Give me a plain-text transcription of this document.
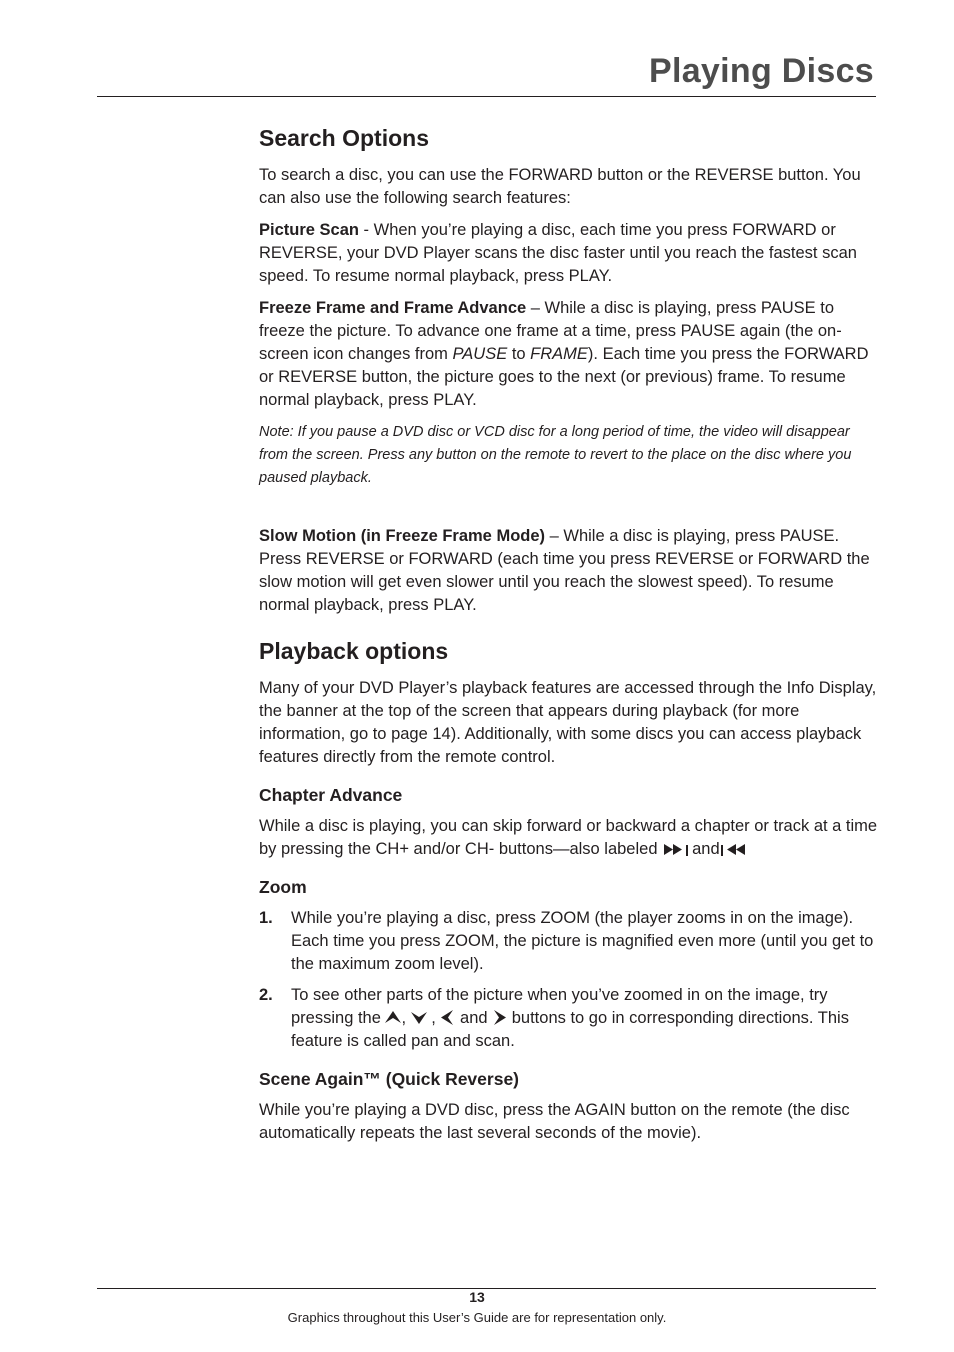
Playing Discs
Search Options

To search a disc, you can use the FORWARD button or the REVERSE button. You can also use the following search features:

Picture Scan - When you’re playing a disc, each time you press FORWARD or REVERSE, your DVD Player scans the disc faster until you reach the fastest scan speed. To resume normal playback, press PLAY.

Freeze Frame and Frame Advance – While a disc is playing, press PAUSE to freeze the picture. To advance one frame at a time, press PAUSE again (the on-screen icon changes from PAUSE to FRAME). Each time you press the FORWARD or REVERSE button, the picture goes to the next (or previous) frame. To resume normal playback, press PLAY.

Note: If you pause a DVD disc or VCD disc for a long period of time, the video will disappear from the screen. Press any button on the remote to revert to the place on the disc where you paused playback.

Slow Motion (in Freeze Frame Mode) – While a disc is playing, press PAUSE. Press REVERSE or FORWARD (each time you press REVERSE or FORWARD the slow motion will get even slower until you reach the slowest speed). To resume normal playback, press PLAY.

Playback options

Many of your DVD Player’s playback features are accessed through the Info Display, the banner at the top of the screen that appears during playback (for more information, go to page 14). Additionally, with some discs you can access playback features directly from the remote control.

Chapter Advance

While a disc is playing, you can skip forward or backward a chapter or track at a time by pressing the CH+ and/or CH- buttons—also labeled and

Zoom
1. While you’re playing a disc, press ZOOM (the player zooms in on the image). Each time you press ZOOM, the picture is magnified even more (until you get to the maximum zoom level).
2. To see other parts of the picture when you’ve zoomed in on the image, try pressing the , ,  and  buttons to go in corresponding directions. This feature is called pan and scan.
Scene Again™ (Quick Reverse)

While you’re playing a DVD disc, press the AGAIN button on the remote (the disc automatically repeats the last several seconds of the movie).

13
Graphics throughout this User’s Guide are for representation only.
